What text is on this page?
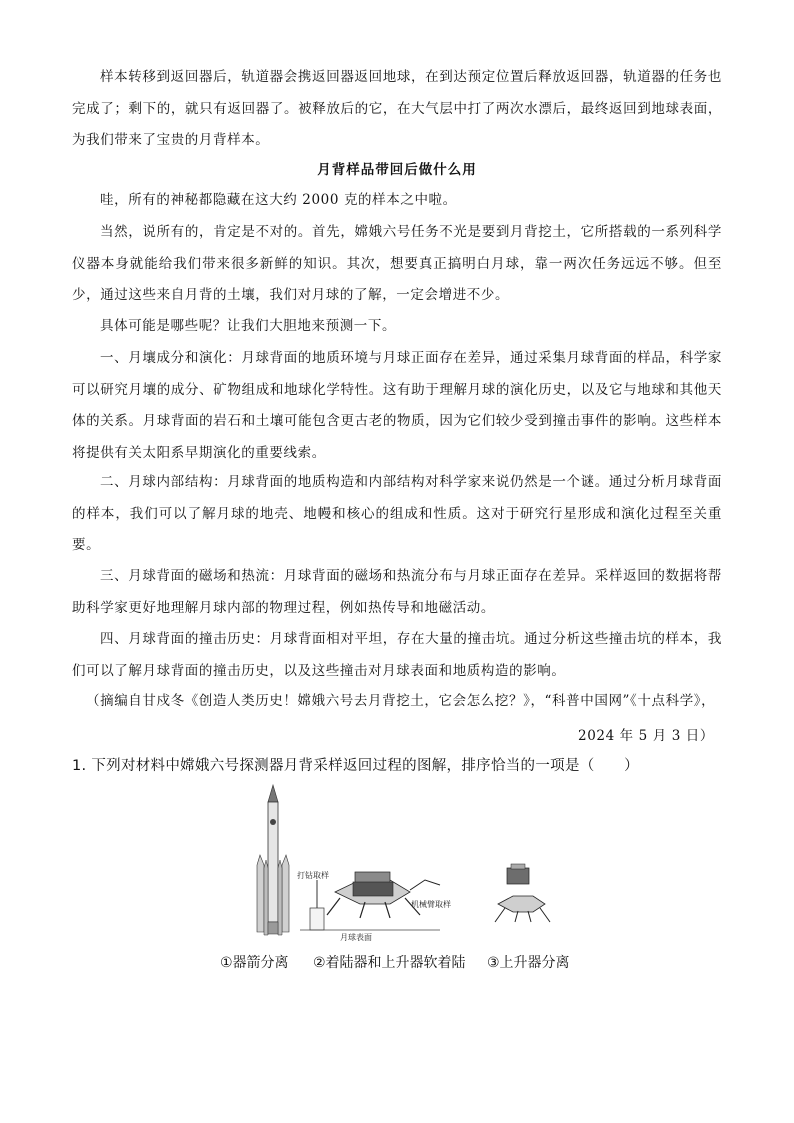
样本转移到返回器后，轨道器会携返回器返回地球，在到达预定位置后释放返回器，轨道器的任务也完成了；剩下的，就只有返回器了。被释放后的它，在大气层中打了两次水漂后，最终返回到地球表面，为我们带来了宝贵的月背样本。

月背样品带回后做什么用

哇，所有的神秘都隐藏在这大约 2000 克的样本之中啦。

当然，说所有的，肯定是不对的。首先，嫦娥六号任务不光是要到月背挖土，它所搭载的一系列科学仪器本身就能给我们带来很多新鲜的知识。其次，想要真正搞明白月球，靠一两次任务远远不够。但至少，通过这些来自月背的土壤，我们对月球的了解，一定会增进不少。

具体可能是哪些呢？让我们大胆地来预测一下。

一、月壤成分和演化：月球背面的地质环境与月球正面存在差异，通过采集月球背面的样品，科学家可以研究月壤的成分、矿物组成和地球化学特性。这有助于理解月球的演化历史，以及它与地球和其他天体的关系。月球背面的岩石和土壤可能包含更古老的物质，因为它们较少受到撞击事件的影响。这些样本将提供有关太阳系早期演化的重要线索。

二、月球内部结构：月球背面的地质构造和内部结构对科学家来说仍然是一个谜。通过分析月球背面的样本，我们可以了解月球的地壳、地幔和核心的组成和性质。这对于研究行星形成和演化过程至关重要。

三、月球背面的磁场和热流：月球背面的磁场和热流分布与月球正面存在差异。采样返回的数据将帮助科学家更好地理解月球内部的物理过程，例如热传导和地磁活动。

四、月球背面的撞击历史：月球背面相对平坦，存在大量的撞击坑。通过分析这些撞击坑的样本，我们可以了解月球背面的撞击历史，以及这些撞击对月球表面和地质构造的影响。

（摘编自甘戍冬《创造人类历史！嫦娥六号去月背挖土，它会怎么挖？》，“科普中国网”《十点科学》，

2024 年 5 月 3 日）
1. 下列对材料中嫦娥六号探测器月背采样返回过程的图解，排序恰当的一项是（　　）
打钻取样
机械臂取样
月球表面
①器箭分离 ②着陆器和上升器软着陆 ③上升器分离
